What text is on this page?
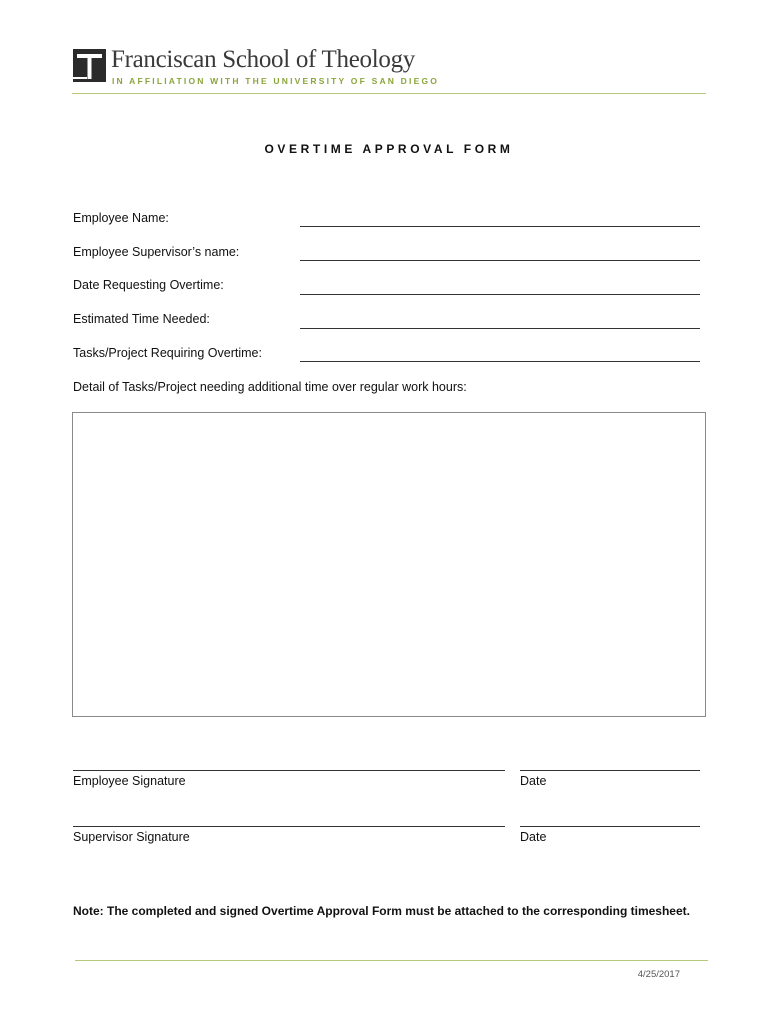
Franciscan School of Theology
IN AFFILIATION WITH THE UNIVERSITY OF SAN DIEGO
OVERTIME APPROVAL FORM
Employee Name:
Employee Supervisor’s name:
Date Requesting Overtime:
Estimated Time Needed:
Tasks/Project Requiring Overtime:
Detail of Tasks/Project needing additional time over regular work hours:
Employee Signature	Date
Supervisor Signature	Date
Note: The completed and signed Overtime Approval Form must be attached to the corresponding timesheet.
4/25/2017
